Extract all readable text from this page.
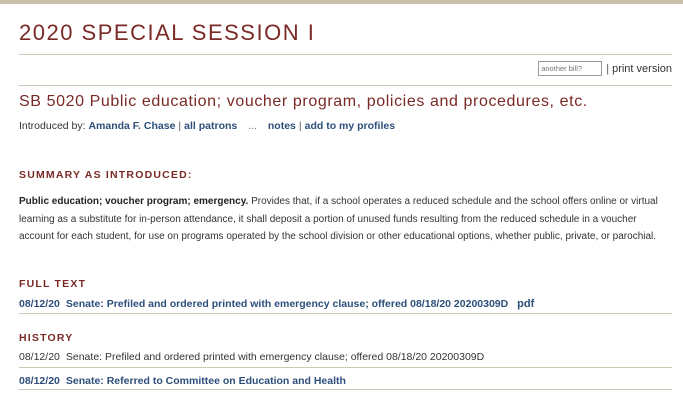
2020 SPECIAL SESSION I
another bill?
| print version
SB 5020 Public education; voucher program, policies and procedures, etc.
Introduced by: Amanda F. Chase | all patrons ... notes | add to my profiles
SUMMARY AS INTRODUCED:
Public education; voucher program; emergency. Provides that, if a school operates a reduced schedule and the school offers online or virtual learning as a substitute for in-person attendance, it shall deposit a portion of unused funds resulting from the reduced schedule in a voucher account for each student, for use on programs operated by the school division or other educational options, whether public, private, or parochial.
FULL TEXT
08/12/20 Senate: Prefiled and ordered printed with emergency clause; offered 08/18/20 20200309D pdf
HISTORY
08/12/20 Senate: Prefiled and ordered printed with emergency clause; offered 08/18/20 20200309D
08/12/20 Senate: Referred to Committee on Education and Health
